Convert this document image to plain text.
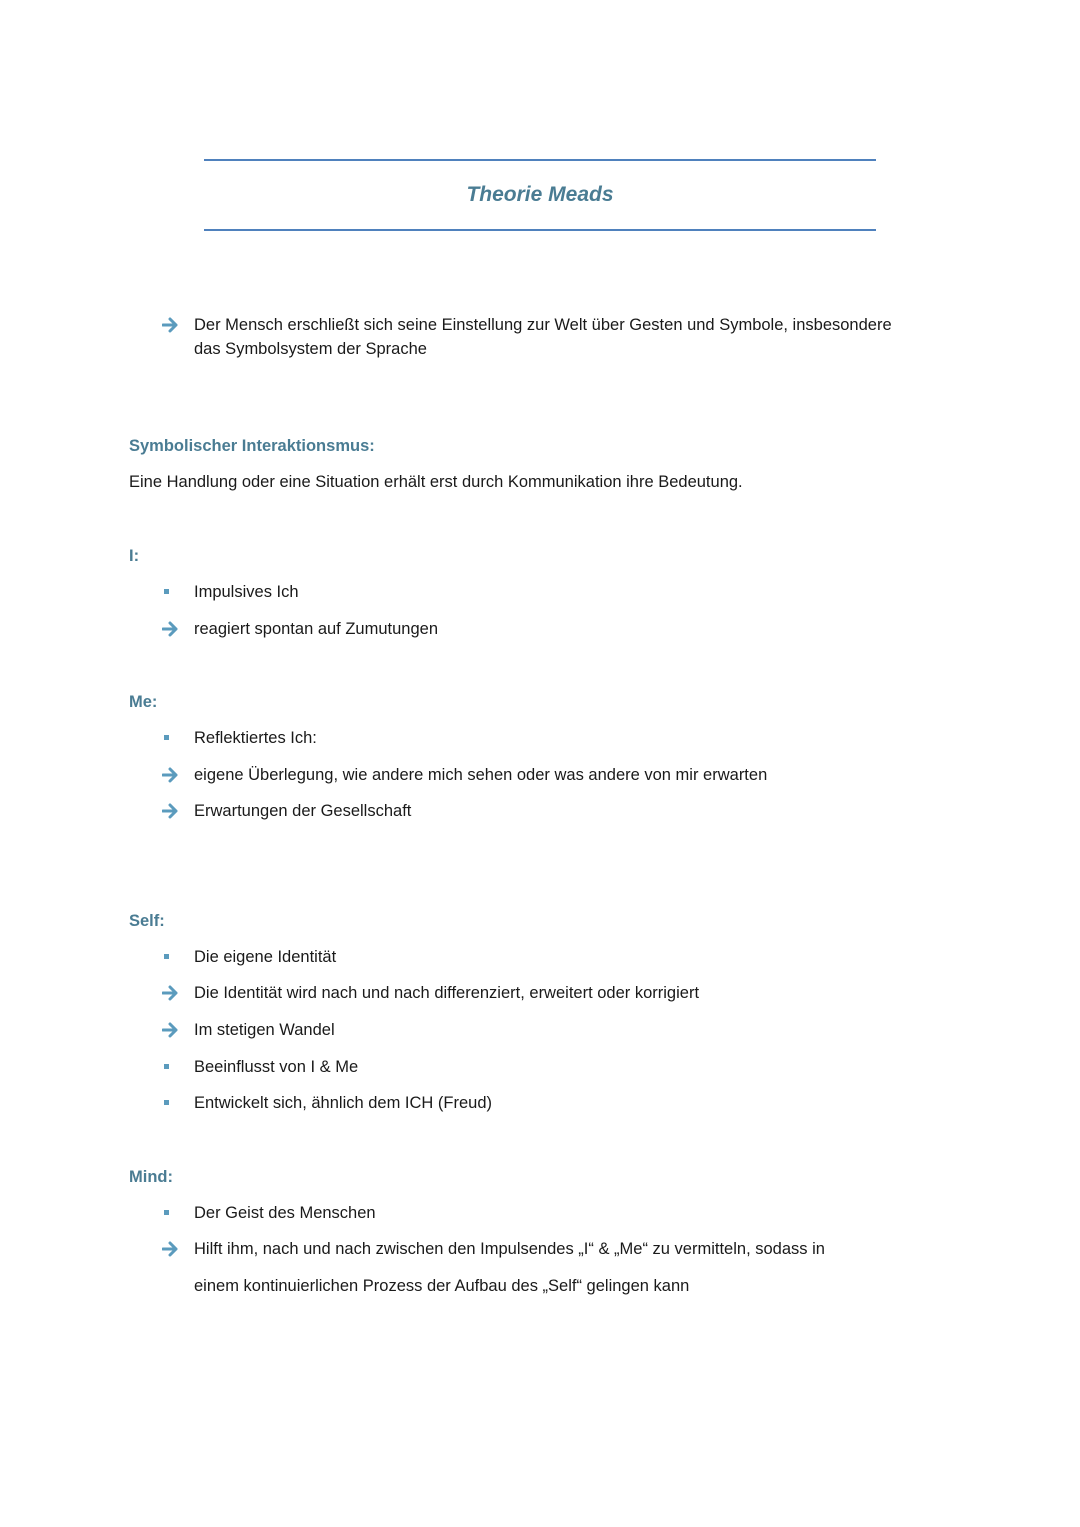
Theorie Meads
Der Mensch erschließt sich seine Einstellung zur Welt über Gesten und Symbole, insbesondere
das Symbolsystem der Sprache
Symbolischer Interaktionsmus:

Eine Handlung oder eine Situation erhält erst durch Kommunikation ihre Bedeutung.

I:
Impulsives Ich
reagiert spontan auf Zumutungen
Me:
Reflektiertes Ich:
eigene Überlegung, wie andere mich sehen oder was andere von mir erwarten
Erwartungen der Gesellschaft
Self:
Die eigene Identität
Die Identität wird nach und nach differenziert, erweitert oder korrigiert
Im stetigen Wandel
Beeinflusst von I & Me
Entwickelt sich, ähnlich dem ICH (Freud)
Mind:
Der Geist des Menschen
Hilft ihm, nach und nach zwischen den Impulsendes „I“ & „Me“ zu vermitteln, sodass in
einem kontinuierlichen Prozess der Aufbau des „Self“ gelingen kann
